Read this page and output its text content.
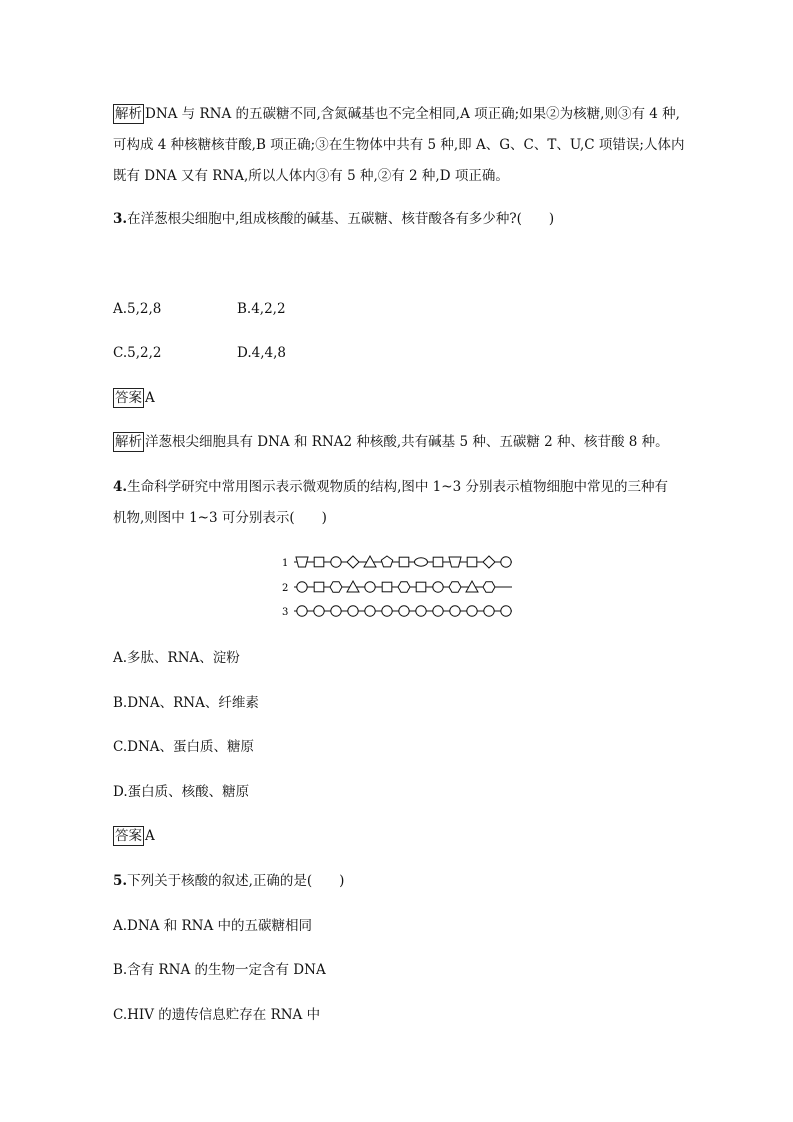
解析 DNA 与 RNA 的五碳糖不同,含氮碱基也不完全相同,A 项正确;如果②为核糖,则③有 4 种,
可构成 4 种核糖核苷酸,B 项正确;③在生物体中共有 5 种,即 A、G、C、T、U,C 项错误;人体内
既有 DNA 又有 RNA,所以人体内③有 5 种,②有 2 种,D 项正确。
3.在洋葱根尖细胞中,组成核酸的碱基、五碳糖、核苷酸各有多少种?(　　)
A.5,2,8	B.4,2,2
C.5,2,2	D.4,4,8
答案 A
解析 洋葱根尖细胞具有 DNA 和 RNA2 种核酸,共有碱基 5 种、五碳糖 2 种、核苷酸 8 种。
4.生命科学研究中常用图示表示微观物质的结构,图中 1~3 分别表示植物细胞中常见的三种有
机物,则图中 1~3 可分别表示(　　)
1
2
3
A.多肽、RNA、淀粉
B.DNA、RNA、纤维素
C.DNA、蛋白质、糖原
D.蛋白质、核酸、糖原
答案 A
5.下列关于核酸的叙述,正确的是(　　)
A.DNA 和 RNA 中的五碳糖相同
B.含有 RNA 的生物一定含有 DNA
C.HIV 的遗传信息贮存在 RNA 中
